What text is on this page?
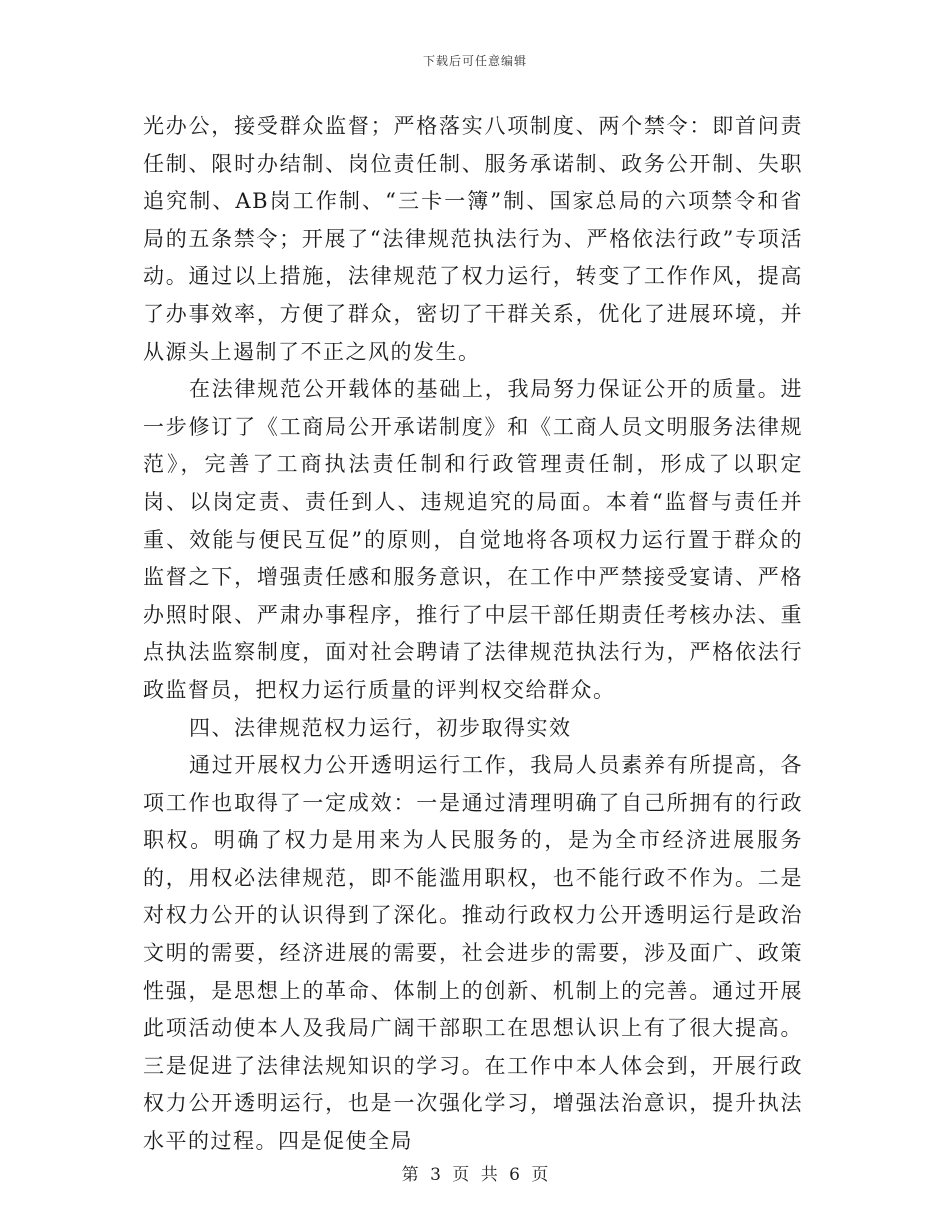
下载后可任意编辑

光办公，接受群众监督；严格落实八项制度、两个禁令：即首问责任制、限时办结制、岗位责任制、服务承诺制、政务公开制、失职追究制、AB岗工作制、“三卡一簿”制、国家总局的六项禁令和省局的五条禁令；开展了“法律规范执法行为、严格依法行政”专项活动。通过以上措施，法律规范了权力运行，转变了工作作风，提高了办事效率，方便了群众，密切了干群关系，优化了进展环境，并从源头上遏制了不正之风的发生。

在法律规范公开载体的基础上，我局努力保证公开的质量。进一步修订了《工商局公开承诺制度》和《工商人员文明服务法律规范》，完善了工商执法责任制和行政管理责任制，形成了以职定岗、以岗定责、责任到人、违规追究的局面。本着“监督与责任并重、效能与便民互促”的原则，自觉地将各项权力运行置于群众的监督之下，增强责任感和服务意识，在工作中严禁接受宴请、严格办照时限、严肃办事程序，推行了中层干部任期责任考核办法、重点执法监察制度，面对社会聘请了法律规范执法行为，严格依法行政监督员，把权力运行质量的评判权交给群众。

四、法律规范权力运行，初步取得实效

通过开展权力公开透明运行工作，我局人员素养有所提高，各项工作也取得了一定成效：一是通过清理明确了自己所拥有的行政职权。明确了权力是用来为人民服务的，是为全市经济进展服务的，用权必法律规范，即不能滥用职权，也不能行政不作为。二是对权力公开的认识得到了深化。推动行政权力公开透明运行是政治文明的需要，经济进展的需要，社会进步的需要，涉及面广、政策性强，是思想上的革命、体制上的创新、机制上的完善。通过开展此项活动使本人及我局广阔干部职工在思想认识上有了很大提高。三是促进了法律法规知识的学习。在工作中本人体会到，开展行政权力公开透明运行，也是一次强化学习，增强法治意识，提升执法水平的过程。四是促使全局

第 3 页 共 6 页
